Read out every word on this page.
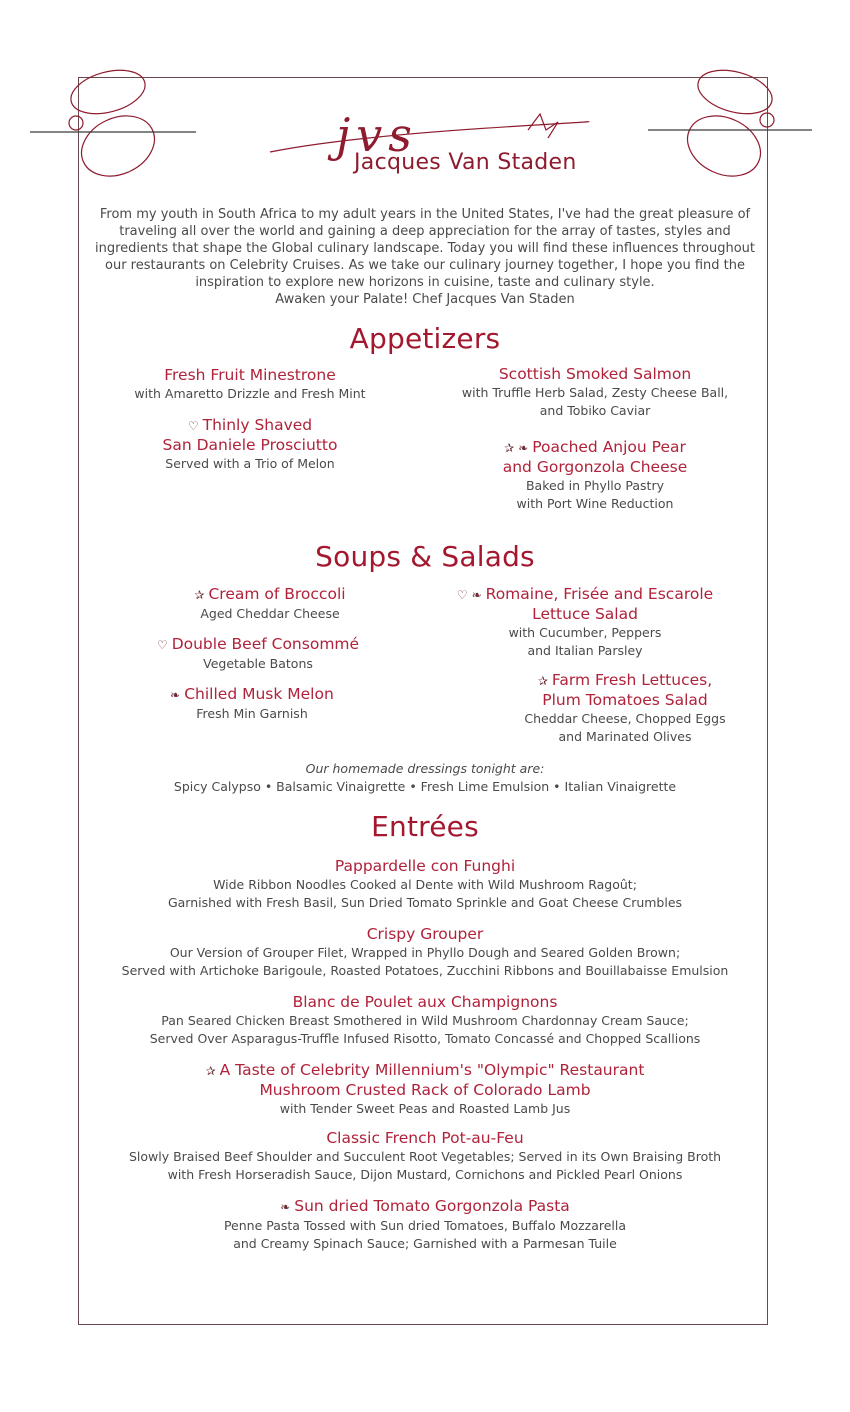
jvs
Jacques Van Staden
From my youth in South Africa to my adult years in the United States, I've had the great pleasure of traveling all over the world and gaining a deep appreciation for the array of tastes, styles and ingredients that shape the Global culinary landscape. Today you will find these influences throughout our restaurants on Celebrity Cruises. As we take our culinary journey together, I hope you find the inspiration to explore new horizons in cuisine, taste and culinary style.
Awaken your Palate! Chef Jacques Van Staden
Appetizers
Fresh Fruit Minestrone
with Amaretto Drizzle and Fresh Mint
♡ Thinly Shaved
San Daniele Prosciutto
Served with a Trio of Melon
Scottish Smoked Salmon
with Truffle Herb Salad, Zesty Cheese Ball,
and Tobiko Caviar
✰ ❧ Poached Anjou Pear
and Gorgonzola Cheese
Baked in Phyllo Pastry
with Port Wine Reduction
Soups & Salads
✰ Cream of Broccoli
Aged Cheddar Cheese
♡ Double Beef Consommé
Vegetable Batons
❧ Chilled Musk Melon
Fresh Min Garnish
♡ ❧ Romaine, Frisée and Escarole
Lettuce Salad
with Cucumber, Peppers
and Italian Parsley
✰ Farm Fresh Lettuces,
Plum Tomatoes Salad
Cheddar Cheese, Chopped Eggs
and Marinated Olives
Our homemade dressings tonight are:
Spicy Calypso • Balsamic Vinaigrette • Fresh Lime Emulsion • Italian Vinaigrette
Entrées
Pappardelle con Funghi
Wide Ribbon Noodles Cooked al Dente with Wild Mushroom Ragoût;
Garnished with Fresh Basil, Sun Dried Tomato Sprinkle and Goat Cheese Crumbles
Crispy Grouper
Our Version of Grouper Filet, Wrapped in Phyllo Dough and Seared Golden Brown;
Served with Artichoke Barigoule, Roasted Potatoes, Zucchini Ribbons and Bouillabaisse Emulsion
Blanc de Poulet aux Champignons
Pan Seared Chicken Breast Smothered in Wild Mushroom Chardonnay Cream Sauce;
Served Over Asparagus-Truffle Infused Risotto, Tomato Concassé and Chopped Scallions
✰ A Taste of Celebrity Millennium's "Olympic" Restaurant
Mushroom Crusted Rack of Colorado Lamb
with Tender Sweet Peas and Roasted Lamb Jus
Classic French Pot-au-Feu
Slowly Braised Beef Shoulder and Succulent Root Vegetables; Served in its Own Braising Broth
with Fresh Horseradish Sauce, Dijon Mustard, Cornichons and Pickled Pearl Onions
❧ Sun dried Tomato Gorgonzola Pasta
Penne Pasta Tossed with Sun dried Tomatoes, Buffalo Mozzarella
and Creamy Spinach Sauce; Garnished with a Parmesan Tuile
